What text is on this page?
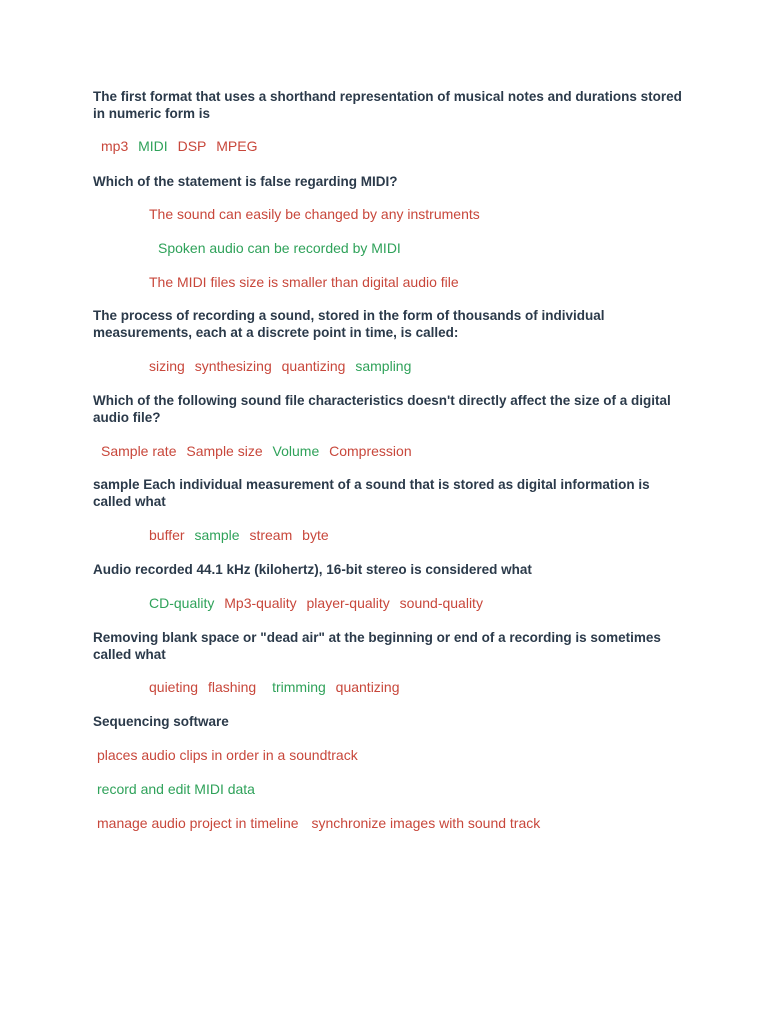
The first format that uses a shorthand representation of musical notes and durations stored in numeric form is
mp3 MIDI DSP MPEG
Which of the statement is false regarding MIDI?
The sound can easily be changed by any instruments
Spoken audio can be recorded by MIDI
The MIDI files size is smaller than digital audio file
The process of recording a sound, stored in the form of thousands of individual measurements, each at a discrete point in time, is called:
sizing synthesizing quantizing sampling
Which of the following sound file characteristics doesn't directly affect the size of a digital audio file?
Sample rate Sample size Volume Compression
sample Each individual measurement of a sound that is stored as digital information is called what
buffer sample stream byte
Audio recorded 44.1 kHz (kilohertz), 16-bit stereo is considered what
CD-quality Mp3-quality player-quality sound-quality
Removing blank space or "dead air" at the beginning or end of a recording is sometimes called what
quieting flashing trimming quantizing
Sequencing software
places audio clips in order in a soundtrack
record and edit MIDI data
manage audio project in timeline synchronize images with sound track
